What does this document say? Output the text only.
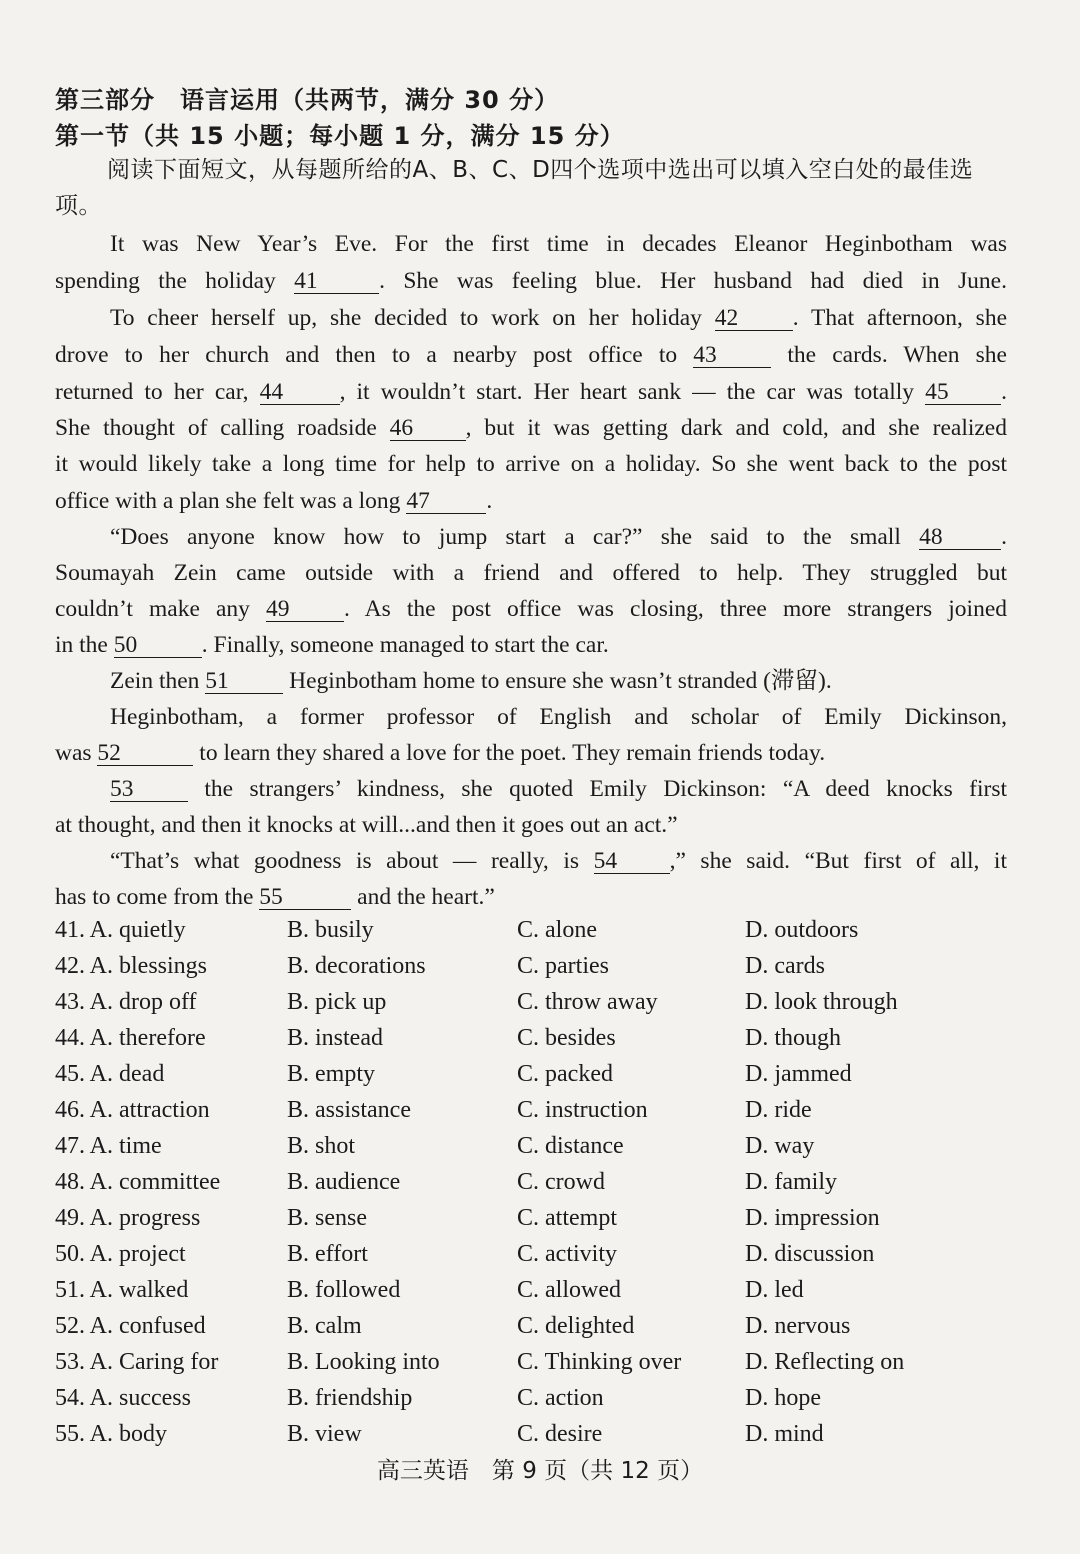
第三部分　语言运用（共两节，满分 30 分）
第一节（共 15 小题；每小题 1 分，满分 15 分）
阅读下面短文，从每题所给的A、B、C、D四个选项中选出可以填入空白处的最佳选项。
It was New Year’s Eve. For the first time in decades Eleanor Heginbotham was
spending the holiday 41	. She was feeling blue. Her husband had died in June.
To cheer herself up, she decided to work on her holiday 42 . That afternoon, she
drove to her church and then to a nearby post office to 43 the cards. When she
returned to her car, 44 , it wouldn’t start. Her heart sank — the car was totally 45 .
She thought of calling roadside 46 , but it was getting dark and cold, and she realized
it would likely take a long time for help to arrive on a holiday. So she went back to the post
office with a plan she felt was a long 47 .
“Does anyone know how to jump start a car?” she said to the small 48 .
Soumayah Zein came outside with a friend and offered to help. They struggled but
couldn’t make any 49 . As the post office was closing, three more strangers joined
in the 50	. Finally, someone managed to start the car.
Zein then 51 Heginbotham home to ensure she wasn’t stranded (滞留).
Heginbotham, a former professor of English and scholar of Emily Dickinson,
was 52	to learn they shared a love for the poet. They remain friends today.
53 the strangers’ kindness, she quoted Emily Dickinson: “A deed knocks first
at thought, and then it knocks at will...and then it goes out an act.”
“That’s what goodness is about — really, is 54 ,” she said. “But first of all, it
has to come from the 55	and the heart.”
41. A. quietly	B. busily	C. alone	D. outdoors
42. A. blessings	B. decorations	C. parties	D. cards
43. A. drop off	B. pick up	C. throw away	D. look through
44. A. therefore	B. instead	C. besides	D. though
45. A. dead	B. empty	C. packed	D. jammed
46. A. attraction	B. assistance	C. instruction	D. ride
47. A. time	B. shot	C. distance	D. way
48. A. committee	B. audience	C. crowd	D. family
49. A. progress	B. sense	C. attempt	D. impression
50. A. project	B. effort	C. activity	D. discussion
51. A. walked	B. followed	C. allowed	D. led
52. A. confused	B. calm	C. delighted	D. nervous
53. A. Caring for	B. Looking into	C. Thinking over	D. Reflecting on
54. A. success	B. friendship	C. action	D. hope
55. A. body	B. view	C. desire	D. mind
高三英语　第 9 页（共 12 页）
